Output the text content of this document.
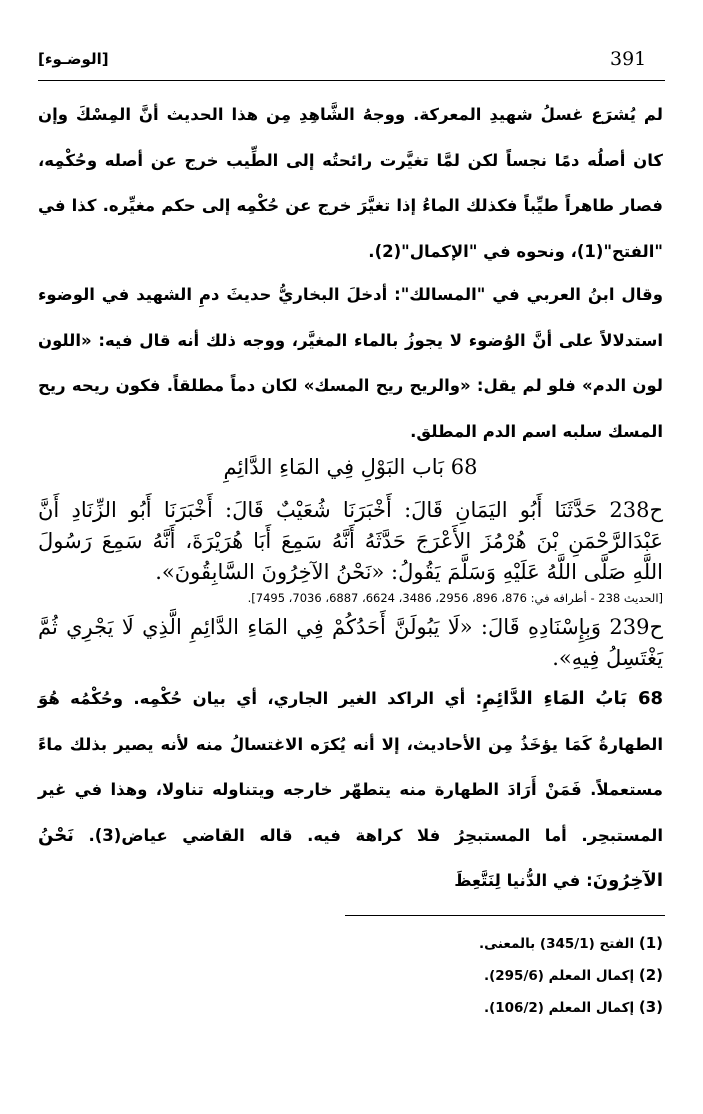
[الوضـوء]	391

لم يُشرَع غسلُ شهيدِ المعركة. ووجهُ الشَّاهِدِ مِن هذا الحديث أنَّ المِسْكَ وإن كان أصلُه دمًا نجساً لكن لمَّا تغيَّرت رائحتُه إلى الطِّيب خرج عن أصله وحُكْمِه، فصار طاهراً طيِّباً فكذلك الماءُ إذا تغيَّرَ خرج عن حُكْمِه إلى حكم مغيِّره. كذا في "الفتح"(1)، ونحوه في "الإكمال"(2).

وقال ابنُ العربي في "المسالك": أدخلَ البخاريُّ حديثَ دمِ الشهيد في الوضوء استدلالاً على أنَّ الوُضوء لا يجوزُ بالماء المغيَّر، ووجه ذلك أنه قال فيه: «اللون لون الدم» فلو لم يقل: «والريح ريح المسك» لكان دماً مطلقاً. فكون ريحه ريح المسك سلبه اسم الدم المطلق.

68 بَاب البَوْلِ فِي المَاءِ الدَّائِمِ
ح238 حَدَّثَنَا أَبُو اليَمَانِ قَالَ: أَخْبَرَنَا شُعَيْبٌ قَالَ: أَخْبَرَنَا أَبُو الزِّنَادِ أَنَّ عَبْدَالرَّحْمَنِ بْنَ هُرْمُزَ الأَعْرَجَ حَدَّثَهُ أَنَّهُ سَمِعَ أَبَا هُرَيْرَةَ، أَنَّهُ سَمِعَ رَسُولَ اللَّهِ صَلَّى اللَّهُ عَلَيْهِ وَسَلَّمَ يَقُولُ: «نَحْنُ الآخِرُونَ السَّابِقُونَ».
[الحديث 238 - أطرافه في: 876، 896، 2956، 3486، 6624، 6887، 7036، 7495].
ح239 وَبِإِسْنَادِهِ قَالَ: «لَا يَبُولَنَّ أَحَدُكُمْ فِي المَاءِ الدَّائِمِ الَّذِي لَا يَجْرِي ثُمَّ يَغْتَسِلُ فِيهِ».

68 بَابُ المَاءِ الدَّائِمِ: أي الراكد الغير الجاري، أي بيان حُكْمِه. وحُكْمُه هُوَ الطهارةُ كَمَا يؤخَذُ مِن الأحاديث، إلا أنه يُكرَه الاغتسالُ منه لأنه يصير بذلك ماءً مستعملاً. فَمَنْ أَرَادَ الطهارة منه يتطهّر خارجه ويتناوله تناولا، وهذا في غير المستبحِر. أما المستبحِرُ فلا كراهة فيه. قاله القاضي عياض(3). نَحْنُ الآخِرُونَ: في الدُّنيا لِنَتَّعِظَ

(1) الفتح (345/1) بالمعنى.
(2) إكمال المعلم (295/6).
(3) إكمال المعلم (106/2).
